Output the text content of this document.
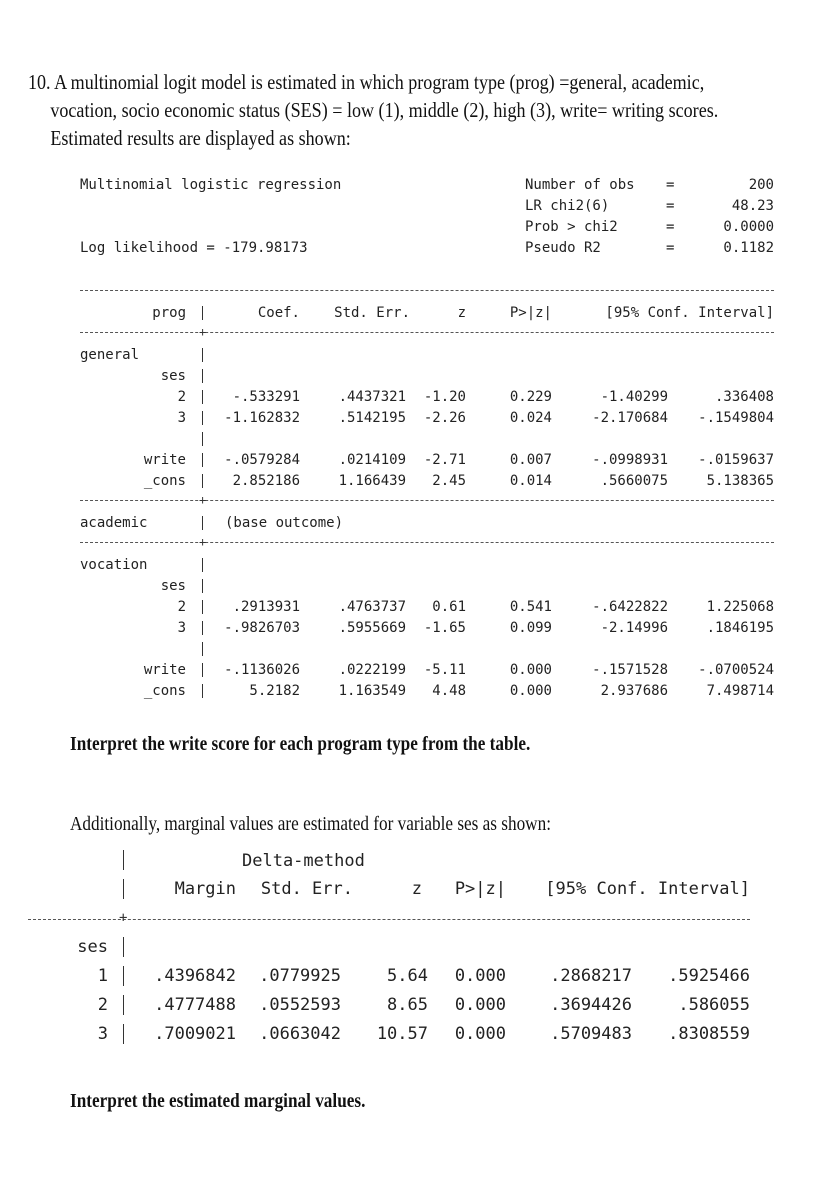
10. A multinomial logit model is estimated in which program type (prog) =general, academic,
vocation, socio economic status (SES) = low (1), middle (2), high (3), write= writing scores.
Estimated results are displayed as shown:
Multinomial logistic regression	Number of obs =	200
LR chi2(6)	=	48.23
Prob > chi2	=	0.0000
Log likelihood = -179.98173	Pseudo R2	=	0.1182
prog	Coef.	Std. Err.	z	P>|z|	[95% Conf. Interval]
+
general
ses
2	-.533291	.4437321 -1.20	0.229	-1.40299	.336408
3	-1.162832	.5142195 -2.26	0.024	-2.170684	-.1549804
write	-.0579284	.0214109 -2.71	0.007	-.0998931	-.0159637
_cons	2.852186	1.166439	2.45	0.014	.5660075	5.138365
+
academic	(base outcome)
+
vocation
ses
2	.2913931	.4763737	0.61	0.541	-.6422822	1.225068
3	-.9826703	.5955669 -1.65	0.099	-2.14996	.1846195
write	-.1136026	.0222199 -5.11	0.000	-.1571528	-.0700524
_cons	5.2182	1.163549	4.48	0.000	2.937686	7.498714
Interpret the write score for each program type from the table.
Additionally, marginal values are estimated for variable ses as shown:
Delta-method
Margin	Std. Err.	z	P>|z|	[95% Conf. Interval]
+
ses
1	.4396842	.0779925	5.64	0.000	.2868217	.5925466
2	.4777488	.0552593	8.65	0.000	.3694426	.586055
3	.7009021	.0663042	10.57	0.000	.5709483	.8308559
Interpret the estimated marginal values.
